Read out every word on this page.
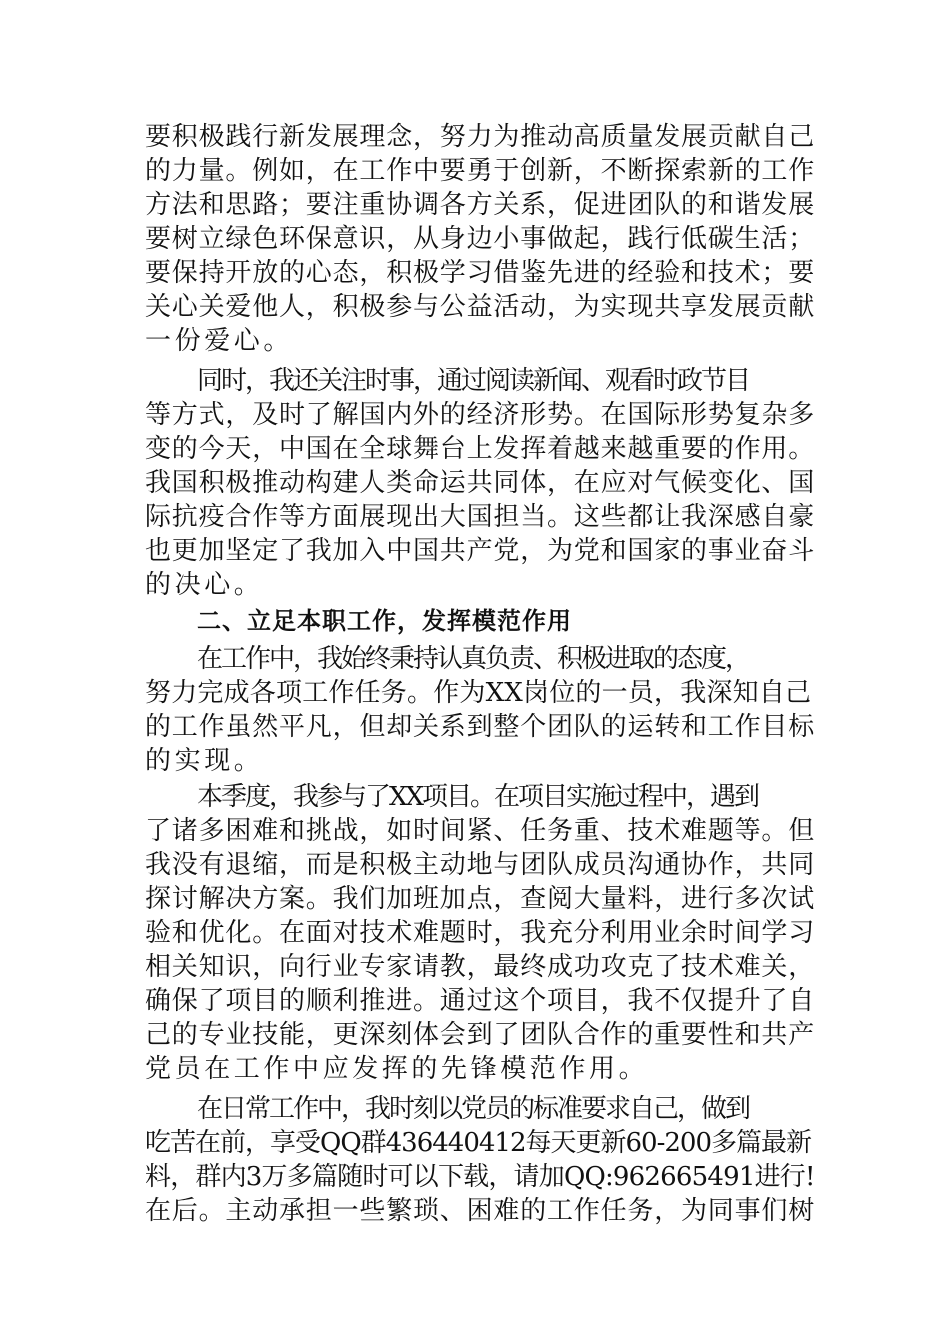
要积极践行新发展理念，努力为推动高质量发展贡献自己
的力量。例如，在工作中要勇于创新，不断探索新的工作
方法和思路；要注重协调各方关系，促进团队的和谐发展
要树立绿色环保意识，从身边小事做起，践行低碳生活；
要保持开放的心态，积极学习借鉴先进的经验和技术；要
关心关爱他人，积极参与公益活动，为实现共享发展贡献
一份爱心。
同时，我还关注时事，通过阅读新闻、观看时政节目
等方式，及时了解国内外的经济形势。在国际形势复杂多
变的今天，中国在全球舞台上发挥着越来越重要的作用。
我国积极推动构建人类命运共同体，在应对气候变化、国
际抗疫合作等方面展现出大国担当。这些都让我深感自豪
也更加坚定了我加入中国共产党，为党和国家的事业奋斗
的决心。
二、立足本职工作，发挥模范作用
在工作中，我始终秉持认真负责、积极进取的态度，
努力完成各项工作任务。作为XX岗位的一员，我深知自己
的工作虽然平凡，但却关系到整个团队的运转和工作目标
的实现。
本季度，我参与了XX项目。在项目实施过程中，遇到
了诸多困难和挑战，如时间紧、任务重、技术难题等。但
我没有退缩，而是积极主动地与团队成员沟通协作，共同
探讨解决方案。我们加班加点，查阅大量料，进行多次试
验和优化。在面对技术难题时，我充分利用业余时间学习
相关知识，向行业专家请教，最终成功攻克了技术难关，
确保了项目的顺利推进。通过这个项目，我不仅提升了自
己的专业技能，更深刻体会到了团队合作的重要性和共产
党员在工作中应发挥的先锋模范作用。
在日常工作中，我时刻以党员的标准要求自己，做到
吃苦在前，享受QQ群436440412每天更新60-200多篇最新
料，群内3万多篇随时可以下载，请加QQ:962665491进行!
在后。主动承担一些繁琐、困难的工作任务，为同事们树
